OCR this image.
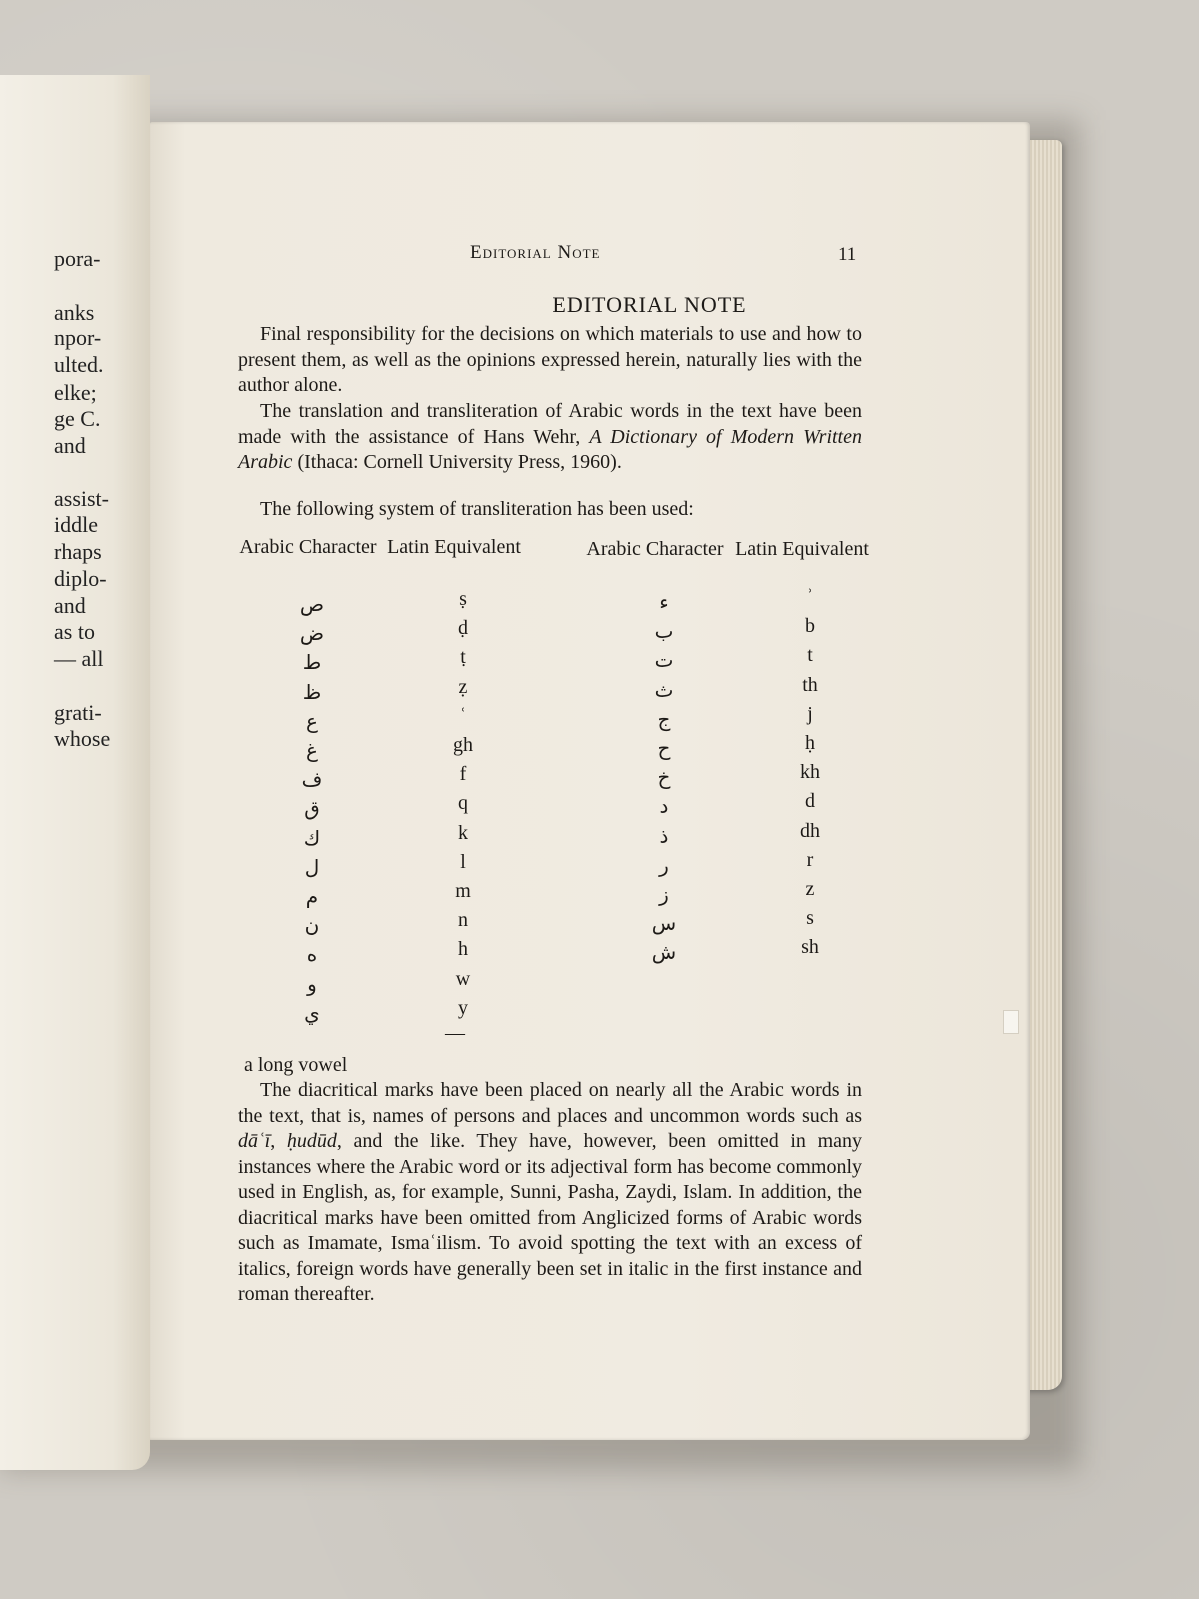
pora-
anks
npor-
ulted.
elke;
ge C.
and
assist-
iddle
rhaps
diplo-
and
as to
— all
grati-
whose
Editorial Note	11
EDITORIAL NOTE
Final responsibility for the decisions on which materials to use and how to present them, as well as the opinions expressed herein, naturally lies with the author alone.
The translation and transliteration of Arabic words in the text have been made with the assistance of Hans Wehr, A Dictionary of Modern Written Arabic (Ithaca: Cornell University Press, 1960).
The following system of transliteration has been used:
Arabic Character Latin Equivalent	Arabic Character Latin Equivalent
ص	ṣ
ض	ḍ
ط	ṭ
ظ	ẓ
ع	ʿ
غ	gh
ف	f
ق	q
ك	k
ل	l
م	m
ن	n
ه	h
و	w
ي	y
—
ء	ʾ
ب	b
ت	t
ث	th
ج	j
ح	ḥ
خ	kh
د	d
ذ	dh
ر	r
ز	z
س	s
ش	sh
a long vowel
The diacritical marks have been placed on nearly all the Arabic words in the text, that is, names of persons and places and uncommon words such as dāʿī, ḥudūd, and the like. They have, however, been omitted in many instances where the Arabic word or its adjectival form has become commonly used in English, as, for example, Sunni, Pasha, Zaydi, Islam. In addition, the diacritical marks have been omitted from Anglicized forms of Arabic words such as Imamate, Ismaʿilism. To avoid spotting the text with an excess of italics, foreign words have generally been set in italic in the first instance and roman thereafter.
